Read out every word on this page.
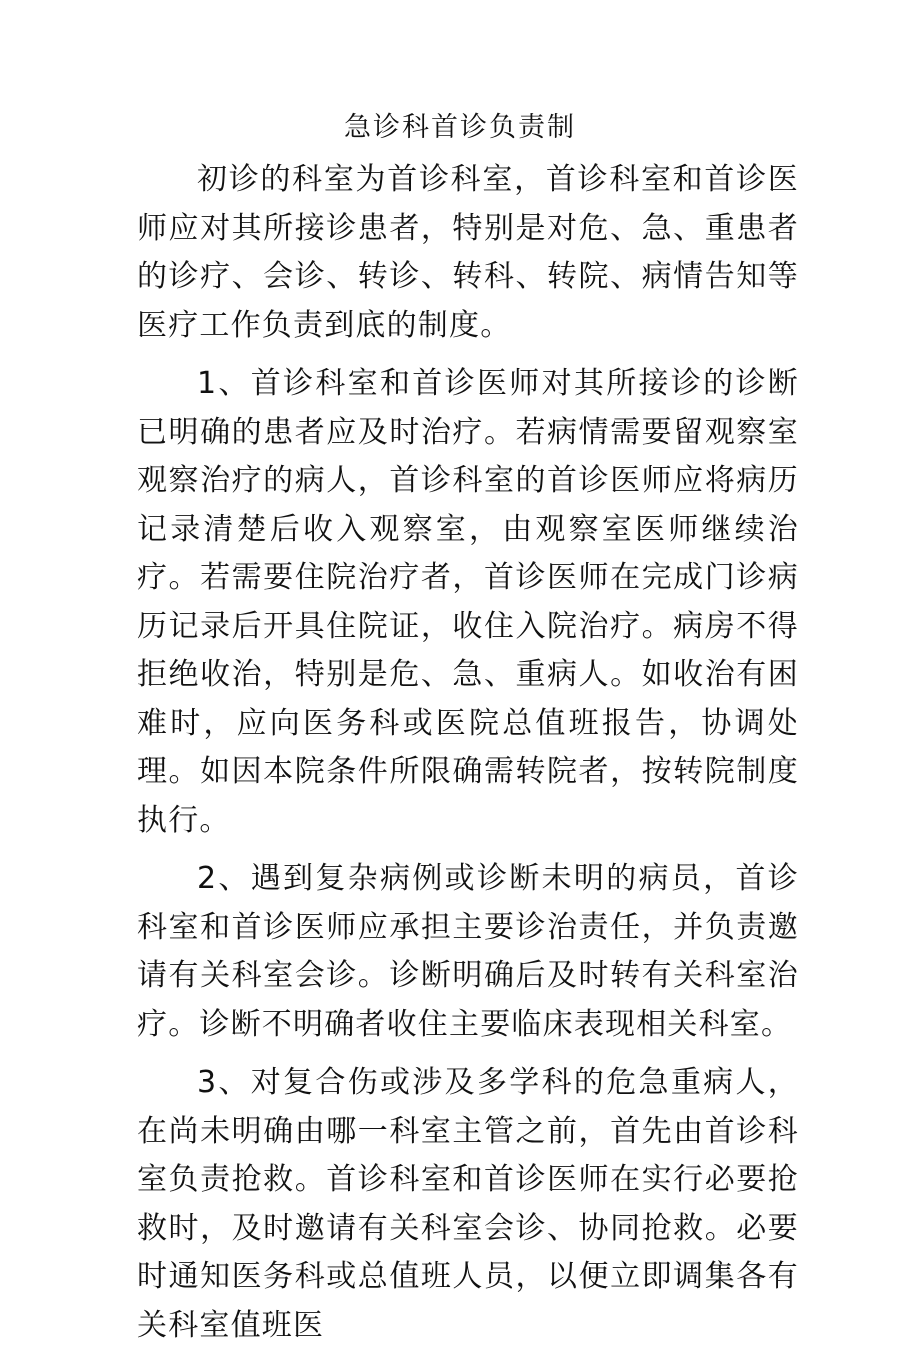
急诊科首诊负责制

初诊的科室为首诊科室，首诊科室和首诊医师应对其所接诊患者，特别是对危、急、重患者的诊疗、会诊、转诊、转科、转院、病情告知等医疗工作负责到底的制度。

1、首诊科室和首诊医师对其所接诊的诊断已明确的患者应及时治疗。若病情需要留观察室观察治疗的病人，首诊科室的首诊医师应将病历记录清楚后收入观察室，由观察室医师继续治疗。若需要住院治疗者，首诊医师在完成门诊病历记录后开具住院证，收住入院治疗。病房不得拒绝收治，特别是危、急、重病人。如收治有困难时，应向医务科或医院总值班报告，协调处理。如因本院条件所限确需转院者，按转院制度执行。

2、遇到复杂病例或诊断未明的病员，首诊科室和首诊医师应承担主要诊治责任，并负责邀请有关科室会诊。诊断明确后及时转有关科室治疗。诊断不明确者收住主要临床表现相关科室。

3、对复合伤或涉及多学科的危急重病人，在尚未明确由哪一科室主管之前，首先由首诊科室负责抢救。首诊科室和首诊医师在实行必要抢救时，及时邀请有关科室会诊、协同抢救。必要时通知医务科或总值班人员，以便立即调集各有关科室值班医
